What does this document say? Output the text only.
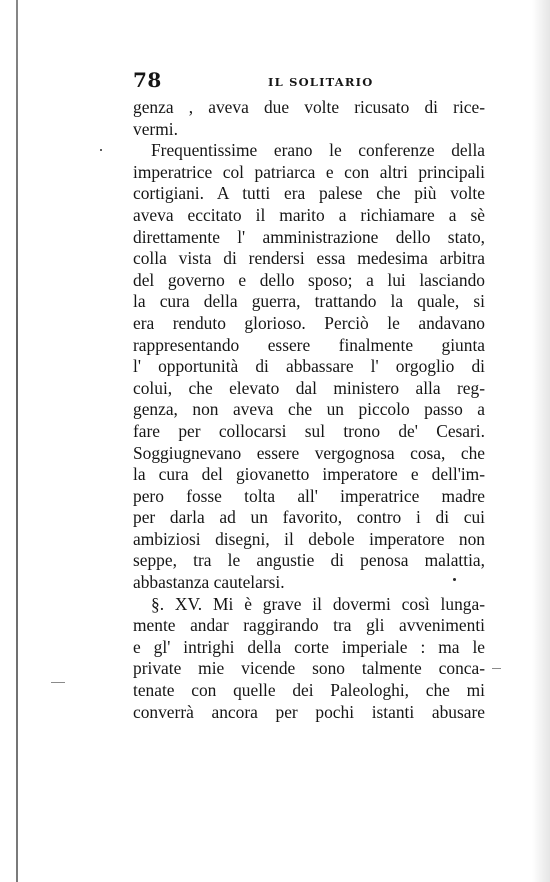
78	IL SOLITARIO
genza , aveva due volte ricusato di rice-
vermi.
Frequentissime erano le conferenze della
imperatrice col patriarca e con altri principali
cortigiani. A tutti era palese che più volte
aveva eccitato il marito a richiamare a sè
direttamente l' amministrazione dello stato,
colla vista di rendersi essa medesima arbitra
del governo e dello sposo; a lui lasciando
la cura della guerra, trattando la quale, si
era renduto glorioso. Perciò le andavano
rappresentando essere finalmente giunta
l' opportunità di abbassare l' orgoglio di
colui, che elevato dal ministero alla reg-
genza, non aveva che un piccolo passo a
fare per collocarsi sul trono de' Cesari.
Soggiugnevano essere vergognosa cosa, che
la cura del giovanetto imperatore e dell'im-
pero fosse tolta all' imperatrice madre
per darla ad un favorito, contro i di cui
ambiziosi disegni, il debole imperatore non
seppe, tra le angustie di penosa malattia,
abbastanza cautelarsi.
§. XV. Mi è grave il dovermi così lunga-
mente andar raggirando tra gli avvenimenti
e gl' intrighi della corte imperiale : ma le
private mie vicende sono talmente conca-
tenate con quelle dei Paleologhi, che mi
converrà ancora per pochi istanti abusare
